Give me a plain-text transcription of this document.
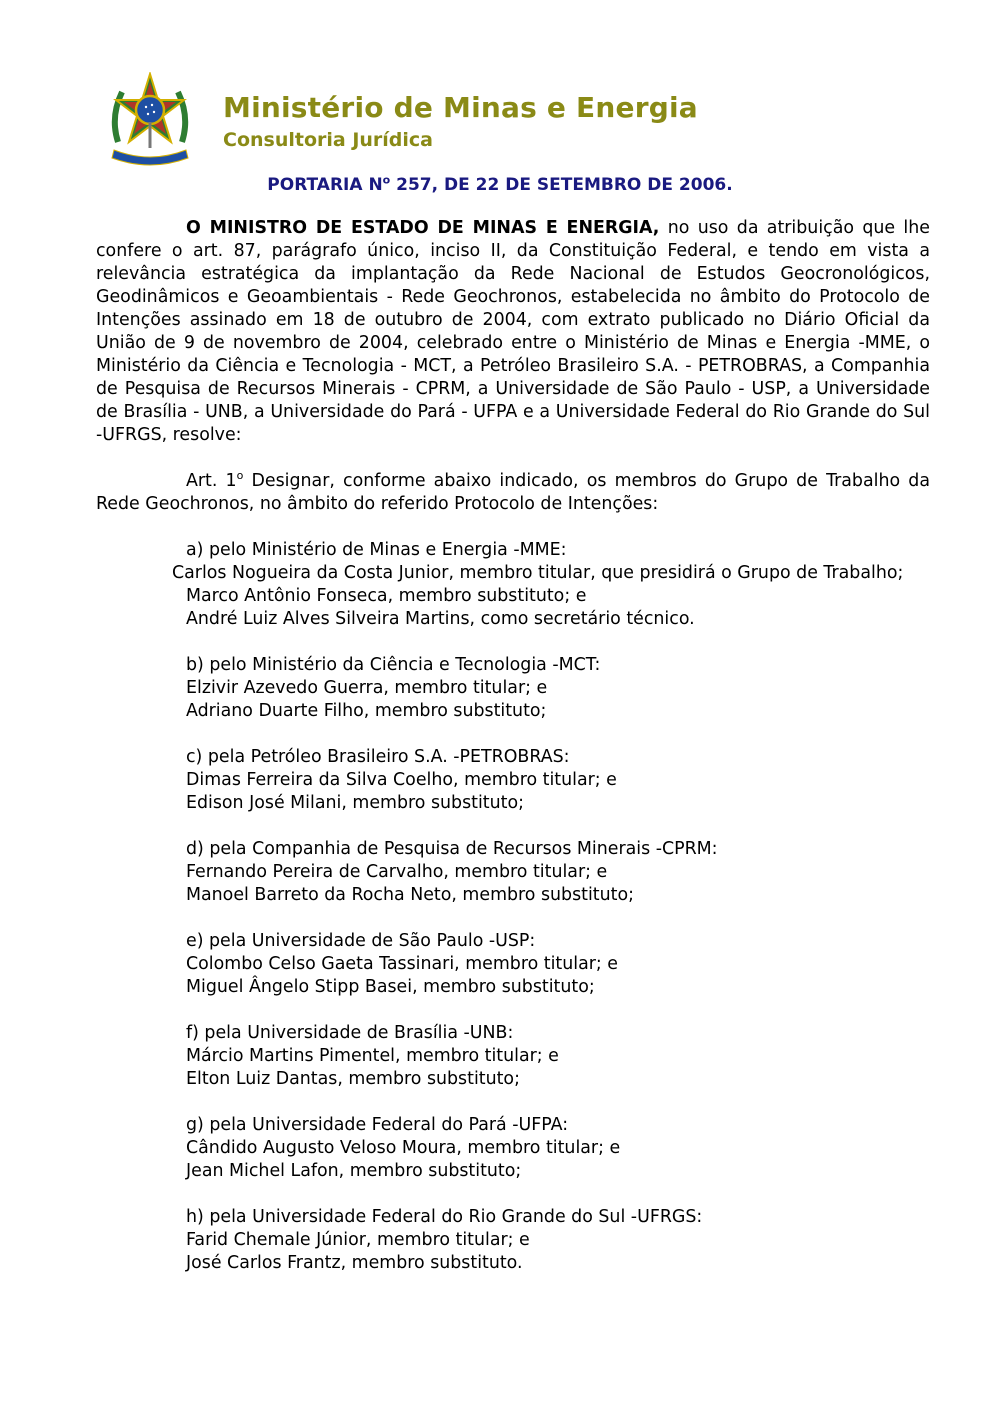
Ministério de Minas e Energia
Consultoria Jurídica
PORTARIA $N^o$ 257, DE 22 DE SETEMBRO DE 2006.

O MINISTRO DE ESTADO DE MINAS E ENERGIA, no uso da atribuição que lhe confere o art. 87, parágrafo único, inciso II, da Constituição Federal, e tendo em vista a relevância estratégica da implantação da Rede Nacional de Estudos Geocronológicos, Geodinâmicos e Geoambientais - Rede Geochronos, estabelecida no âmbito do Protocolo de Intenções assinado em 18 de outubro de 2004, com extrato publicado no Diário Oficial da União de 9 de novembro de 2004, celebrado entre o Ministério de Minas e Energia -MME, o Ministério da Ciência e Tecnologia - MCT, a Petróleo Brasileiro S.A. - PETROBRAS, a Companhia de Pesquisa de Recursos Minerais - CPRM, a Universidade de São Paulo - USP, a Universidade de Brasília - UNB, a Universidade do Pará - UFPA e a Universidade Federal do Rio Grande do Sul -UFRGS, resolve:

Art. 1$^o$ Designar, conforme abaixo indicado, os membros do Grupo de Trabalho da Rede Geochronos, no âmbito do referido Protocolo de Intenções:

a) pelo Ministério de Minas e Energia -MME:

Carlos Nogueira da Costa Junior, membro titular, que presidirá o Grupo de Trabalho;

Marco Antônio Fonseca, membro substituto; e

André Luiz Alves Silveira Martins, como secretário técnico.

b) pelo Ministério da Ciência e Tecnologia -MCT:

Elzivir Azevedo Guerra, membro titular; e

Adriano Duarte Filho, membro substituto;

c) pela Petróleo Brasileiro S.A. -PETROBRAS:

Dimas Ferreira da Silva Coelho, membro titular; e

Edison José Milani, membro substituto;

d) pela Companhia de Pesquisa de Recursos Minerais -CPRM:

Fernando Pereira de Carvalho, membro titular; e

Manoel Barreto da Rocha Neto, membro substituto;

e) pela Universidade de São Paulo -USP:

Colombo Celso Gaeta Tassinari, membro titular; e

Miguel Ângelo Stipp Basei, membro substituto;

f) pela Universidade de Brasília -UNB:

Márcio Martins Pimentel, membro titular; e

Elton Luiz Dantas, membro substituto;

g) pela Universidade Federal do Pará -UFPA:

Cândido Augusto Veloso Moura, membro titular; e

Jean Michel Lafon, membro substituto;

h) pela Universidade Federal do Rio Grande do Sul -UFRGS:

Farid Chemale Júnior, membro titular; e

José Carlos Frantz, membro substituto.
